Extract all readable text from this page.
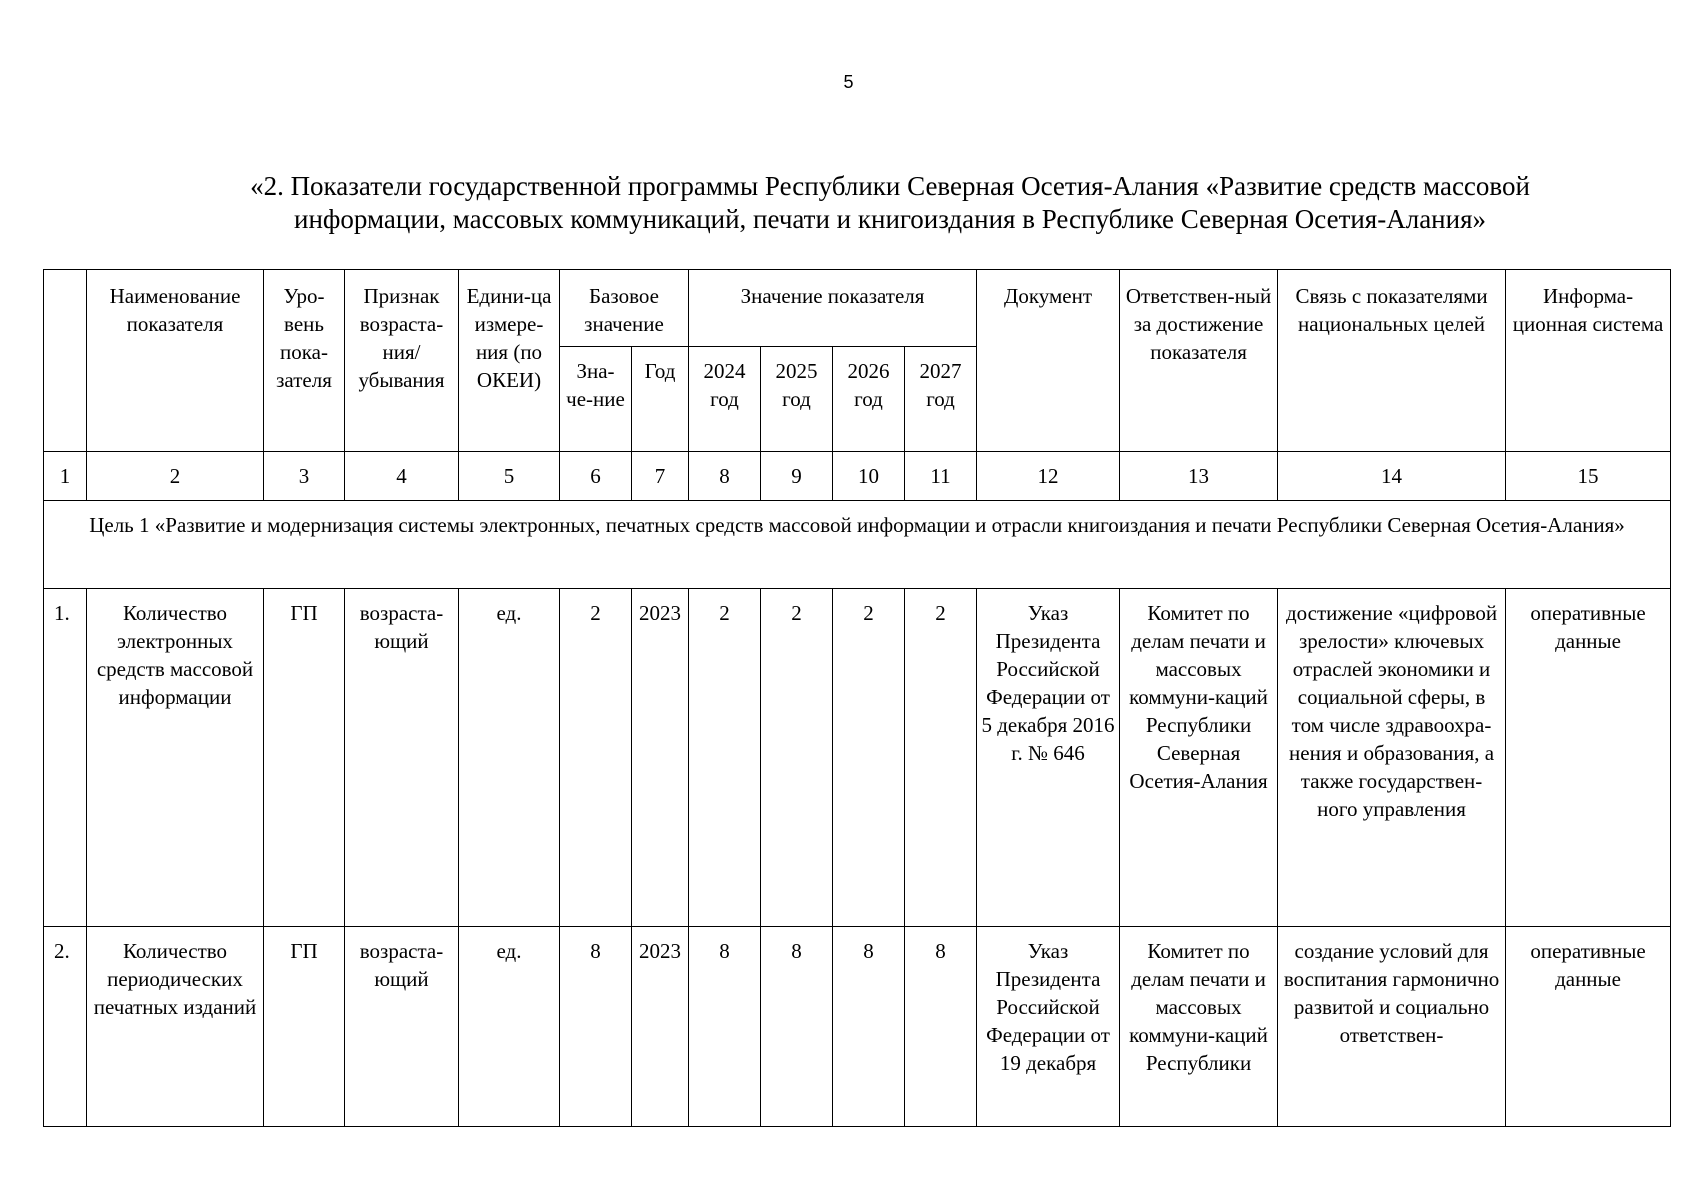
5
«2. Показатели государственной программы Республики Северная Осетия-Алания «Развитие средств массовой
информации, массовых коммуникаций, печати и книгоиздания в Республике Северная Осетия-Алания»
	Наименование показателя	Уро-вень пока-зателя	Признак возраста-ния/ убывания	Едини-ца измере-ния (по ОКЕИ)	Базовое значение		Значение показателя				Документ	Ответствен-ный за достижение показателя	Связь с показателями национальных целей	Информа-ционная система
					Зна-че-ние	Год	2024 год	2025 год	2026 год	2027 год				
1	2	3	4	5	6	7	8	9	10	11	12	13	14	15
Цель 1 «Развитие и модернизация системы электронных, печатных средств массовой информации и отрасли книгоиздания и печати Республики Северная Осетия-Алания»														
1.	Количество электронных средств массовой информации	ГП	возраста-ющий	ед.	2	2023	2	2	2	2	Указ Президента Российской Федерации от 5 декабря 2016 г. № 646	Комитет по делам печати и массовых коммуни-каций Республики Северная Осетия-Алания	достижение «цифровой зрелости» ключевых отраслей экономики и социальной сферы, в том числе здравоохра-нения и образования, а также государствен-ного управления	оперативные данные
2.	Количество периодических печатных изданий	ГП	возраста-ющий	ед.	8	2023	8	8	8	8	Указ Президента Российской Федерации от 19 декабря	Комитет по делам печати и массовых коммуни-каций Республики	создание условий для воспитания гармонично развитой и социально ответствен-	оперативные данные
